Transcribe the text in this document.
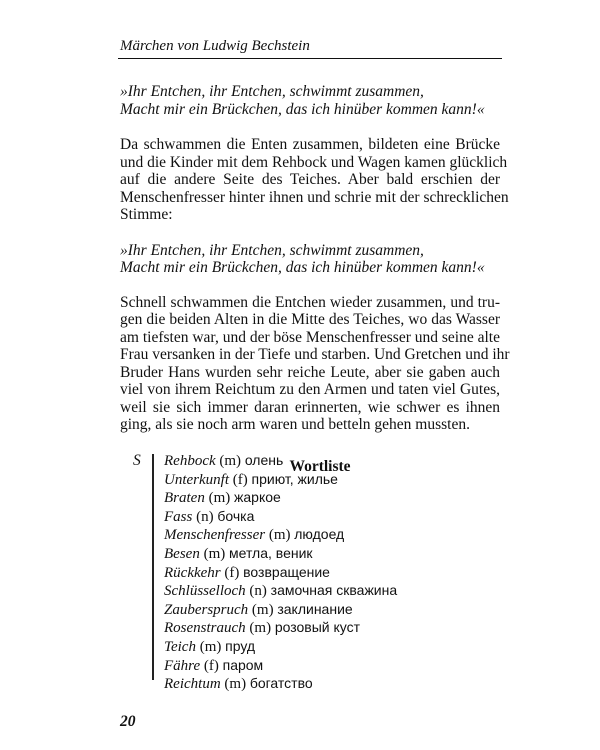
Märchen von Ludwig Bechstein

»Ihr Entchen, ihr Entchen, schwimmt zusammen,
Macht mir ein Brückchen, das ich hinüber kommen kann!«

Da schwammen die Enten zusammen, bildeten eine Brücke
und die Kinder mit dem Rehbock und Wagen kamen glücklich
auf die andere Seite des Teiches. Aber bald erschien der
Menschenfresser hinter ihnen und schrie mit der schrecklichen
Stimme:

»Ihr Entchen, ihr Entchen, schwimmt zusammen,
Macht mir ein Brückchen, das ich hinüber kommen kann!«

Schnell schwammen die Entchen wieder zusammen, und tru-
gen die beiden Alten in die Mitte des Teiches, wo das Wasser
am tiefsten war, und der böse Menschenfresser und seine alte
Frau versanken in der Tiefe und starben. Und Gretchen und ihr
Bruder Hans wurden sehr reiche Leute, aber sie gaben auch
viel von ihrem Reichtum zu den Armen und taten viel Gutes,
weil sie sich immer daran erinnerten, wie schwer es ihnen
ging, als sie noch arm waren und betteln gehen mussten.

Wortliste

S Rehbock (m) олень
Unterkunft (f) приют, жилье
Braten (m) жаркое
Fass (n) бочка
Menschenfresser (m) людоед
Besen (m) метла, веник
Rückkehr (f) возвращение
Schlüsselloch (n) замочная скважина
Zauberspruch (m) заклинание
Rosenstrauch (m) розовый куст
Teich (m) пруд
Fähre (f) паром
Reichtum (m) богатство
20
